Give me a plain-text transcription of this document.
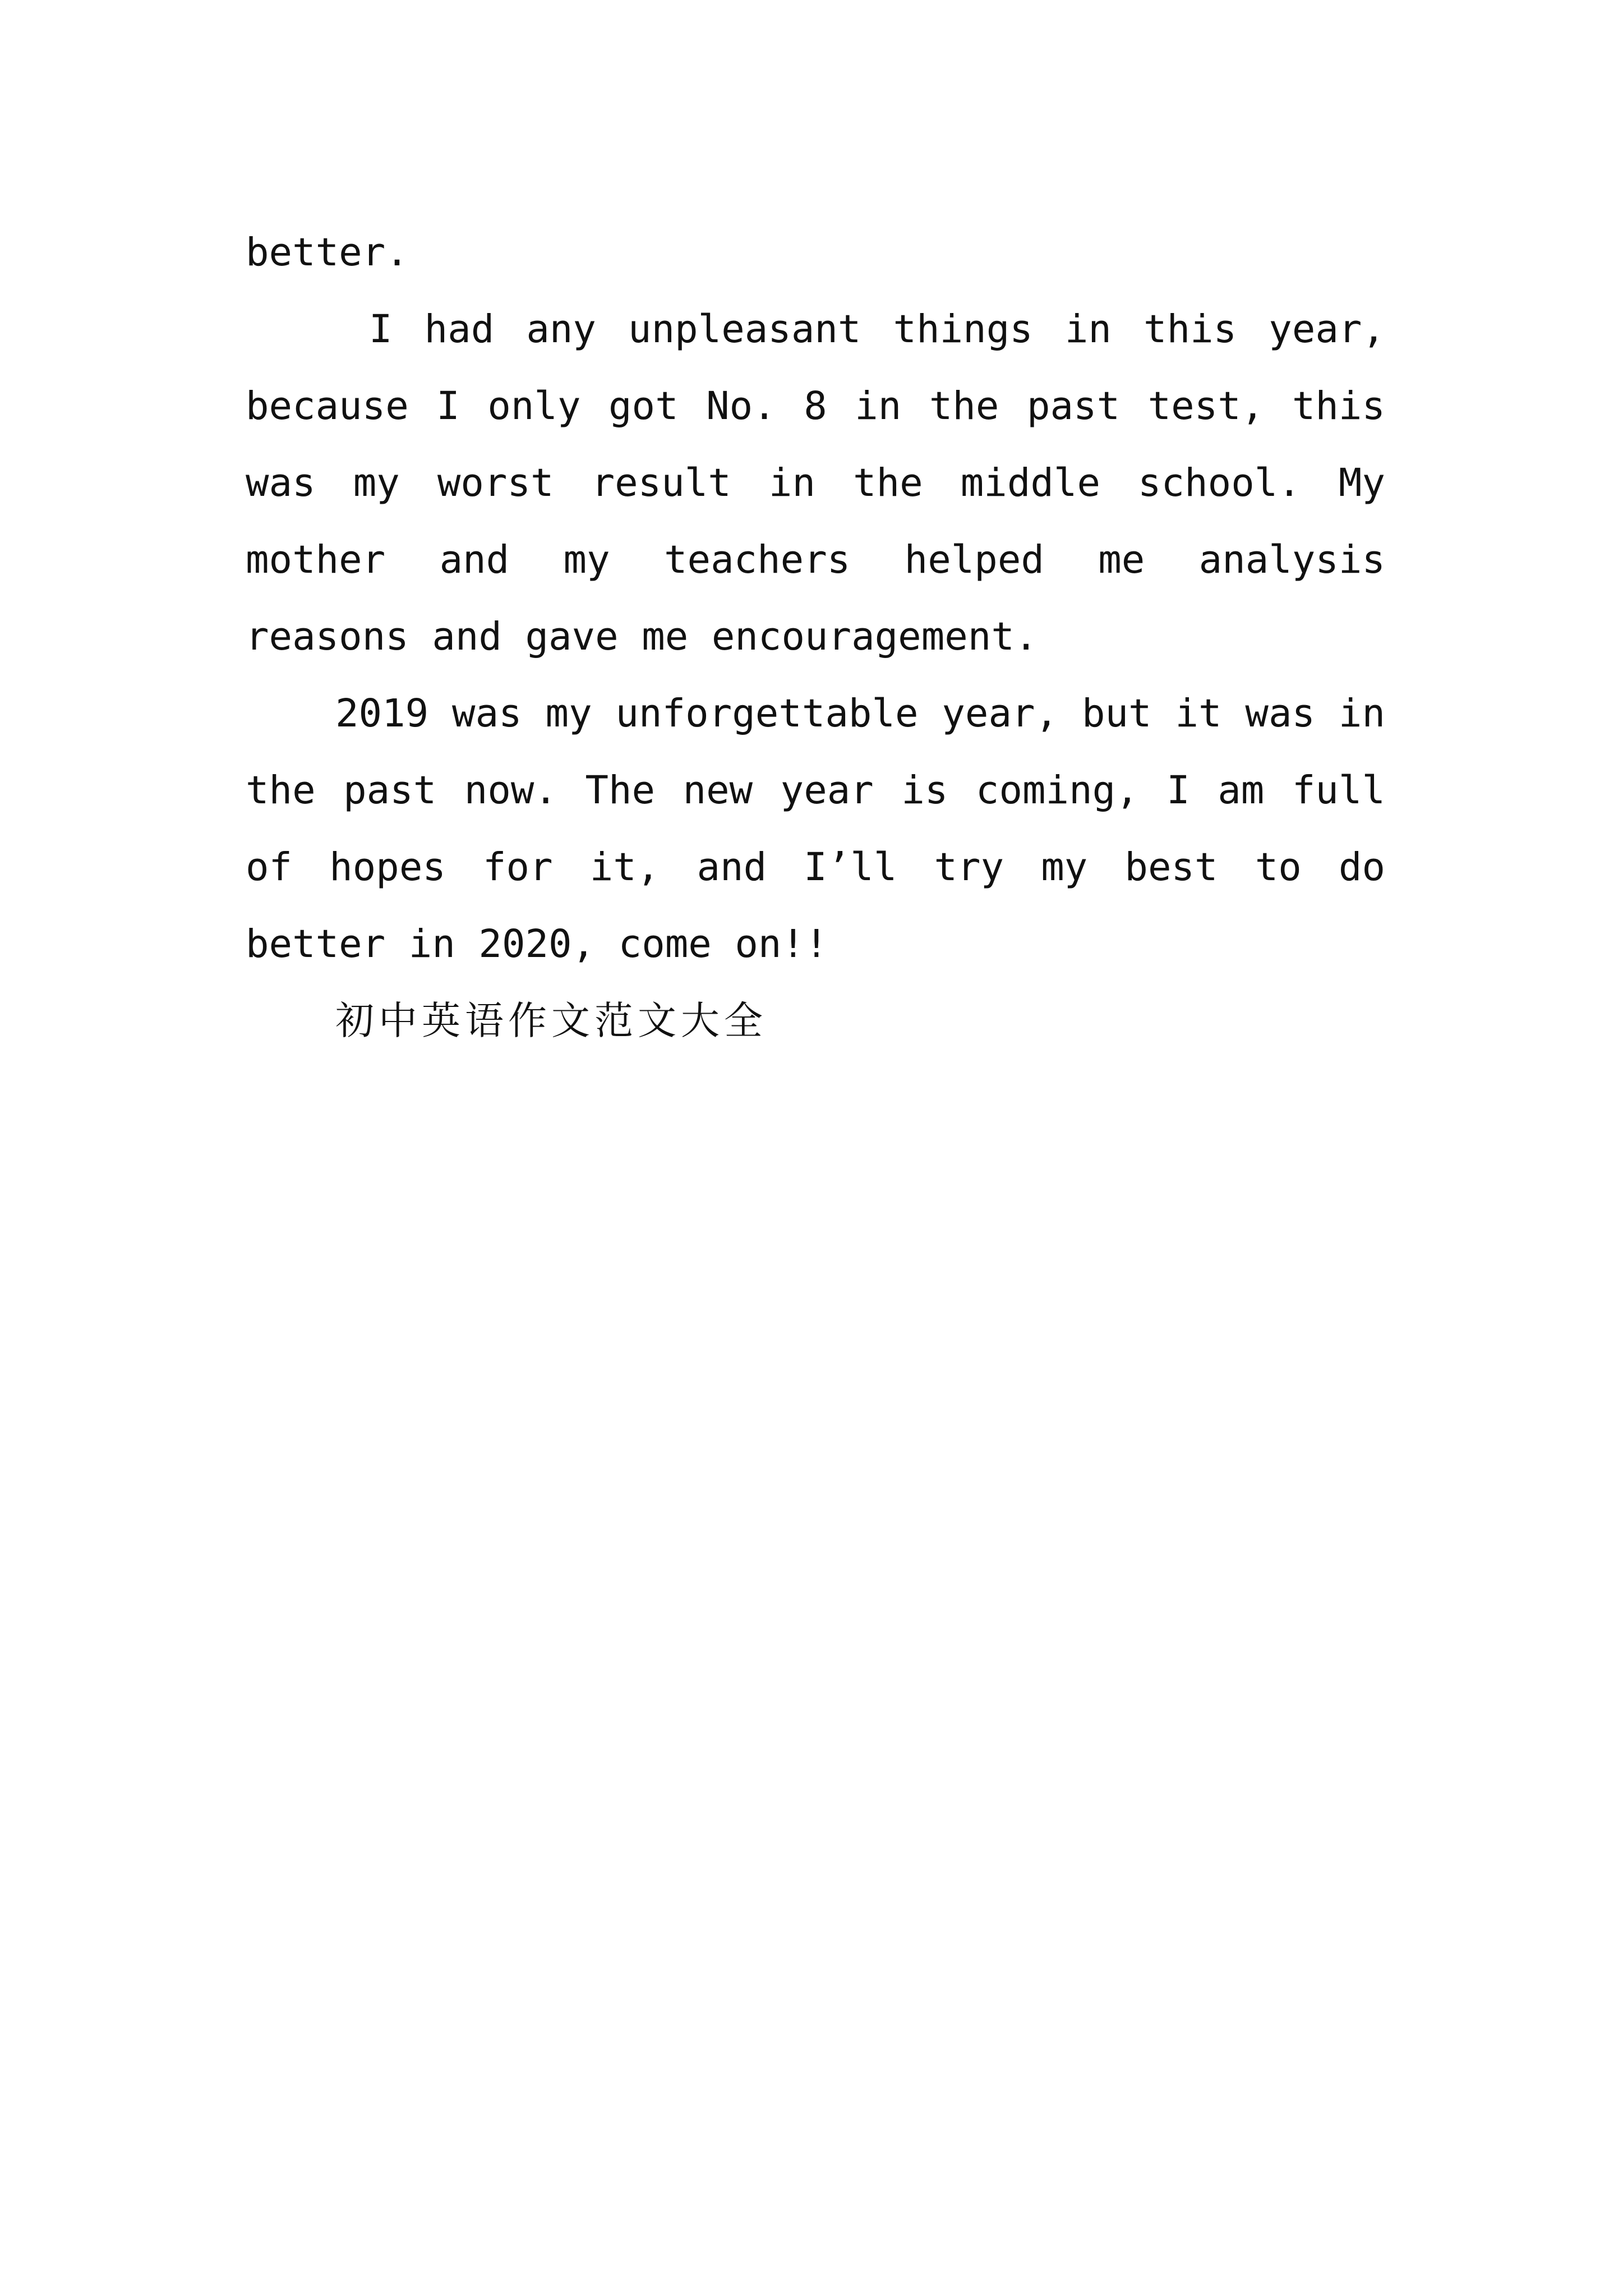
better.

I had any unpleasant things in this year, because I only got No. 8 in the past test, this was my worst result in the middle school. My mother and my teachers helped me analysis reasons and gave me encouragement.

2019 was my unforgettable year, but it was in the past now. The new year is coming, I am full of hopes for it, and I’ll try my best to do better in 2020, come on!!

初中英语作文范文大全
